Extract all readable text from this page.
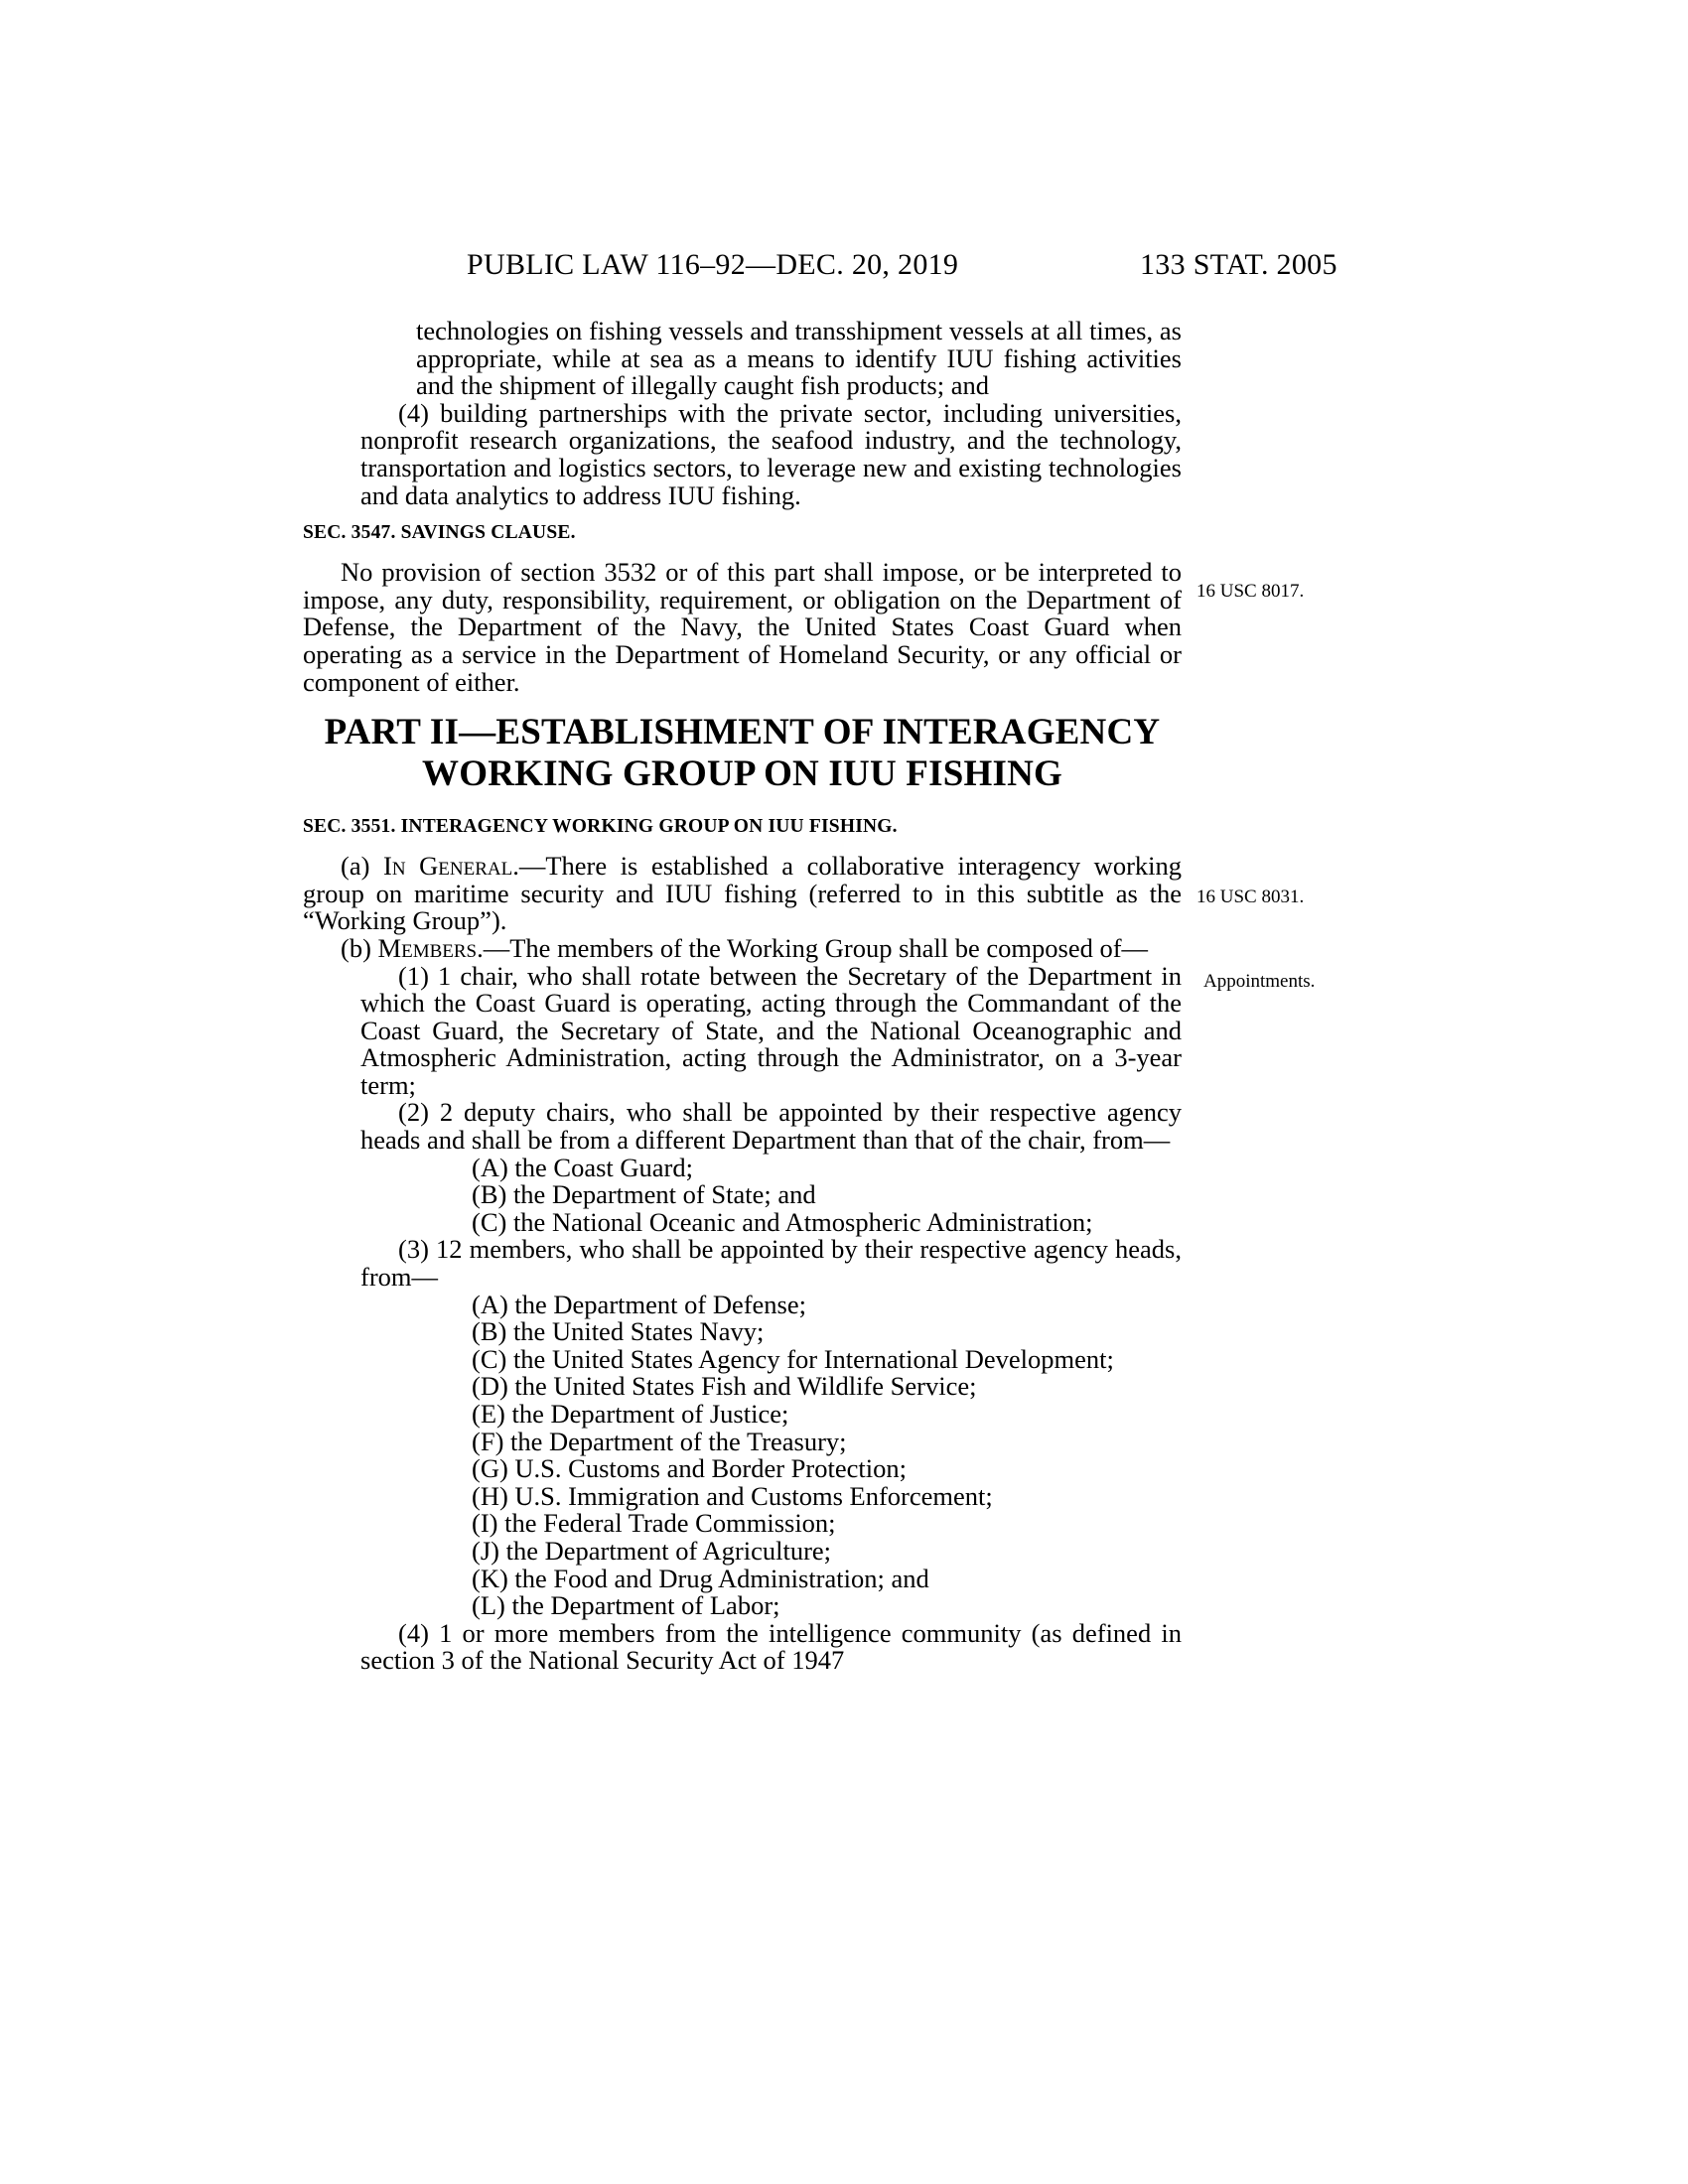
PUBLIC LAW 116–92—DEC. 20, 2019	133 STAT. 2005
16 USC 8017.
16 USC 8031.
Appointments.

technologies on fishing vessels and transshipment vessels at all times, as appropriate, while at sea as a means to identify IUU fishing activities and the shipment of illegally caught fish products; and

(4) building partnerships with the private sector, including universities, nonprofit research organizations, the seafood industry, and the technology, transportation and logistics sectors, to leverage new and existing technologies and data analytics to address IUU fishing.

SEC. 3547. SAVINGS CLAUSE.

No provision of section 3532 or of this part shall impose, or be interpreted to impose, any duty, responsibility, requirement, or obligation on the Department of Defense, the Department of the Navy, the United States Coast Guard when operating as a service in the Department of Homeland Security, or any official or component of either.

PART II—ESTABLISHMENT OF INTERAGENCY
WORKING GROUP ON IUU FISHING

SEC. 3551. INTERAGENCY WORKING GROUP ON IUU FISHING.

(a) In General.—There is established a collaborative interagency working group on maritime security and IUU fishing (referred to in this subtitle as the “Working Group”).

(b) Members.—The members of the Working Group shall be composed of—

(1) 1 chair, who shall rotate between the Secretary of the Department in which the Coast Guard is operating, acting through the Commandant of the Coast Guard, the Secretary of State, and the National Oceanographic and Atmospheric Administration, acting through the Administrator, on a 3-year term;

(2) 2 deputy chairs, who shall be appointed by their respective agency heads and shall be from a different Department than that of the chair, from—

(A) the Coast Guard;

(B) the Department of State; and

(C) the National Oceanic and Atmospheric Administration;

(3) 12 members, who shall be appointed by their respective agency heads, from—

(A) the Department of Defense;

(B) the United States Navy;

(C) the United States Agency for International Development;

(D) the United States Fish and Wildlife Service;

(E) the Department of Justice;

(F) the Department of the Treasury;

(G) U.S. Customs and Border Protection;

(H) U.S. Immigration and Customs Enforcement;

(I) the Federal Trade Commission;

(J) the Department of Agriculture;

(K) the Food and Drug Administration; and

(L) the Department of Labor;

(4) 1 or more members from the intelligence community (as defined in section 3 of the National Security Act of 1947
